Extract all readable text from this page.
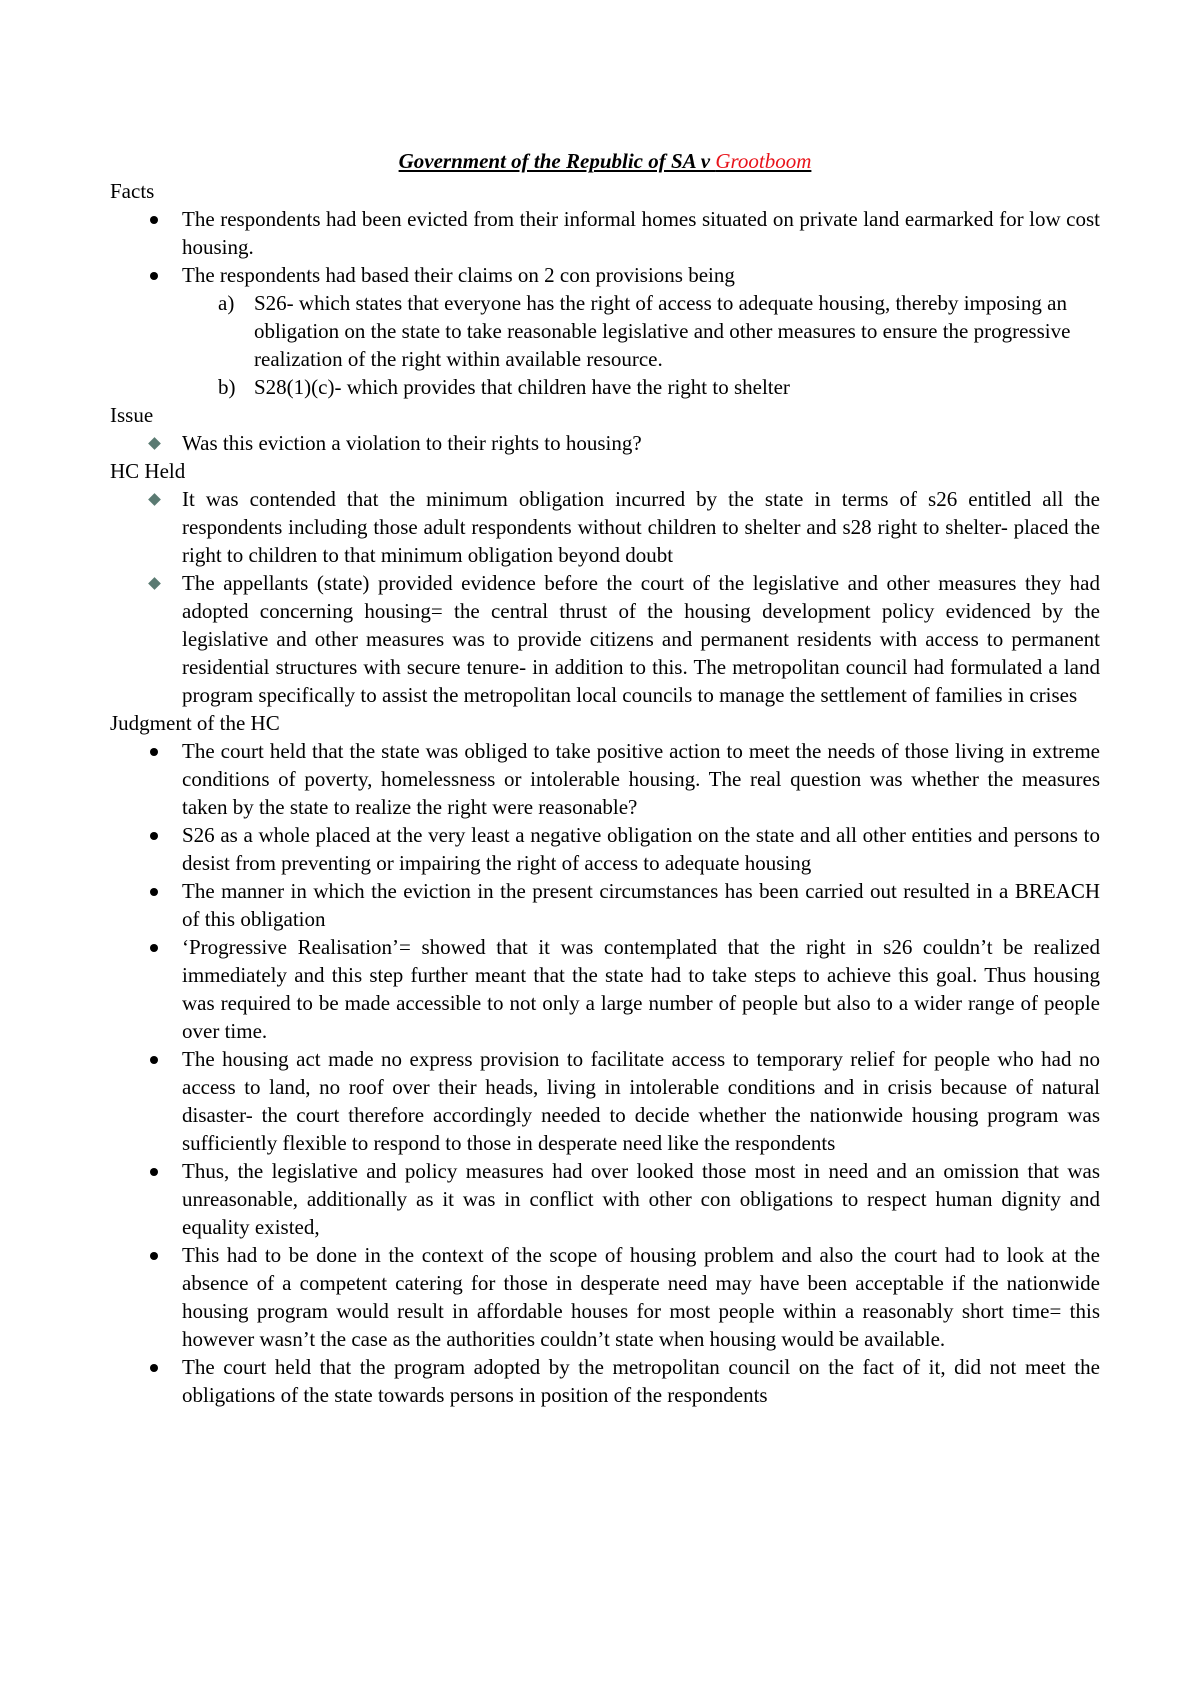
Government of the Republic of SA v Grootboom
Facts
The respondents had been evicted from their informal homes situated on private land earmarked for low cost housing.
The respondents had based their claims on 2 con provisions being
a) S26- which states that everyone has the right of access to adequate housing, thereby imposing an obligation on the state to take reasonable legislative and other measures to ensure the progressive realization of the right within available resource.
b) S28(1)(c)- which provides that children have the right to shelter
Issue
Was this eviction a violation to their rights to housing?
HC Held
It was contended that the minimum obligation incurred by the state in terms of s26 entitled all the respondents including those adult respondents without children to shelter and s28 right to shelter- placed the right to children to that minimum obligation beyond doubt
The appellants (state) provided evidence before the court of the legislative and other measures they had adopted concerning housing= the central thrust of the housing development policy evidenced by the legislative and other measures was to provide citizens and permanent residents with access to permanent residential structures with secure tenure- in addition to this. The metropolitan council had formulated a land program specifically to assist the metropolitan local councils to manage the settlement of families in crises
Judgment of the HC
The court held that the state was obliged to take positive action to meet the needs of those living in extreme conditions of poverty, homelessness or intolerable housing. The real question was whether the measures taken by the state to realize the right were reasonable?
S26 as a whole placed at the very least a negative obligation on the state and all other entities and persons to desist from preventing or impairing the right of access to adequate housing
The manner in which the eviction in the present circumstances has been carried out resulted in a BREACH of this obligation
‘Progressive Realisation’= showed that it was contemplated that the right in s26 couldn’t be realized immediately and this step further meant that the state had to take steps to achieve this goal. Thus housing was required to be made accessible to not only a large number of people but also to a wider range of people over time.
The housing act made no express provision to facilitate access to temporary relief for people who had no access to land, no roof over their heads, living in intolerable conditions and in crisis because of natural disaster- the court therefore accordingly needed to decide whether the nationwide housing program was sufficiently flexible to respond to those in desperate need like the respondents
Thus, the legislative and policy measures had over looked those most in need and an omission that was unreasonable, additionally as it was in conflict with other con obligations to respect human dignity and equality existed,
This had to be done in the context of the scope of housing problem and also the court had to look at the absence of a competent catering for those in desperate need may have been acceptable if the nationwide housing program would result in affordable houses for most people within a reasonably short time= this however wasn’t the case as the authorities couldn’t state when housing would be available.
The court held that the program adopted by the metropolitan council on the fact of it, did not meet the obligations of the state towards persons in position of the respondents
